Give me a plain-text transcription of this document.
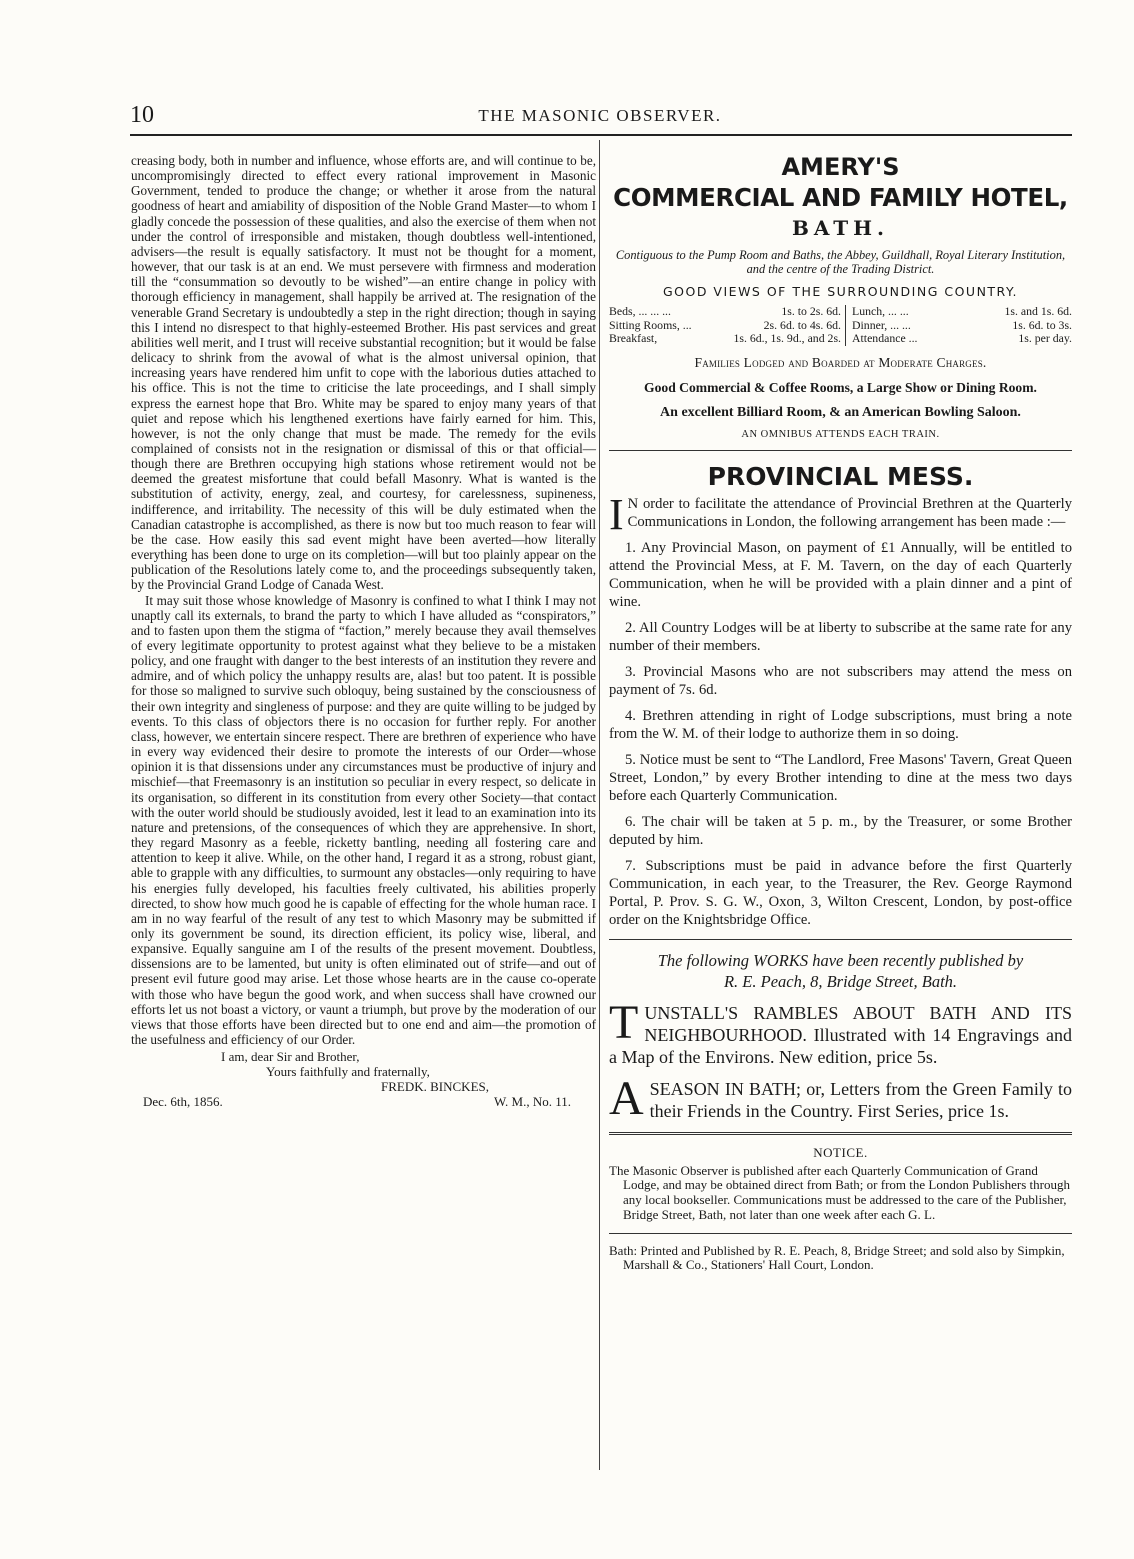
10	THE MASONIC OBSERVER.

creasing body, both in number and influence, whose efforts are, and will continue to be, uncompromisingly directed to effect every rational improvement in Masonic Government, tended to produce the change; or whether it arose from the natural goodness of heart and amiability of disposition of the Noble Grand Master—to whom I gladly concede the possession of these qualities, and also the exercise of them when not under the control of irresponsible and mistaken, though doubtless well-intentioned, advisers—the result is equally satisfactory. It must not be thought for a moment, however, that our task is at an end. We must persevere with firmness and moderation till the “consummation so devoutly to be wished”—an entire change in policy with thorough efficiency in management, shall happily be arrived at. The resignation of the venerable Grand Secretary is undoubtedly a step in the right direction; though in saying this I intend no disrespect to that highly-esteemed Brother. His past services and great abilities well merit, and I trust will receive substantial recognition; but it would be false delicacy to shrink from the avowal of what is the almost universal opinion, that increasing years have rendered him unfit to cope with the laborious duties attached to his office. This is not the time to criticise the late proceedings, and I shall simply express the earnest hope that Bro. White may be spared to enjoy many years of that quiet and repose which his lengthened exertions have fairly earned for him. This, however, is not the only change that must be made. The remedy for the evils complained of consists not in the resignation or dismissal of this or that official—though there are Brethren occupying high stations whose retirement would not be deemed the greatest misfortune that could befall Masonry. What is wanted is the substitution of activity, energy, zeal, and courtesy, for carelessness, supineness, indifference, and irritability. The necessity of this will be duly estimated when the Canadian catastrophe is accomplished, as there is now but too much reason to fear will be the case. How easily this sad event might have been averted—how literally everything has been done to urge on its completion—will but too plainly appear on the publication of the Resolutions lately come to, and the proceedings subsequently taken, by the Provincial Grand Lodge of Canada West.

It may suit those whose knowledge of Masonry is confined to what I think I may not unaptly call its externals, to brand the party to which I have alluded as “conspirators,” and to fasten upon them the stigma of “faction,” merely because they avail themselves of every legitimate opportunity to protest against what they believe to be a mistaken policy, and one fraught with danger to the best interests of an institution they revere and admire, and of which policy the unhappy results are, alas! but too patent. It is possible for those so maligned to survive such obloquy, being sustained by the consciousness of their own integrity and singleness of purpose: and they are quite willing to be judged by events. To this class of objectors there is no occasion for further reply. For another class, however, we entertain sincere respect. There are brethren of experience who have in every way evidenced their desire to promote the interests of our Order—whose opinion it is that dissensions under any circumstances must be productive of injury and mischief—that Freemasonry is an institution so peculiar in every respect, so delicate in its organisation, so different in its constitution from every other Society—that contact with the outer world should be studiously avoided, lest it lead to an examination into its nature and pretensions, of the consequences of which they are apprehensive. In short, they regard Masonry as a feeble, ricketty bantling, needing all fostering care and attention to keep it alive. While, on the other hand, I regard it as a strong, robust giant, able to grapple with any difficulties, to surmount any obstacles—only requiring to have his energies fully developed, his faculties freely cultivated, his abilities properly directed, to show how much good he is capable of effecting for the whole human race. I am in no way fearful of the result of any test to which Masonry may be submitted if only its government be sound, its direction efficient, its policy wise, liberal, and expansive. Equally sanguine am I of the results of the present movement. Doubtless, dissensions are to be lamented, but unity is often eliminated out of strife—and out of present evil future good may arise. Let those whose hearts are in the cause co-operate with those who have begun the good work, and when success shall have crowned our efforts let us not boast a victory, or vaunt a triumph, but prove by the moderation of our views that those efforts have been directed but to one end and aim—the promotion of the usefulness and efficiency of our Order.

I am, dear Sir and Brother,
Yours faithfully and fraternally,
FREDK. BINCKES,
Dec. 6th, 1856.	W. M., No. 11.
AMERY'S
COMMERCIAL AND FAMILY HOTEL,
BATH.
Contiguous to the Pump Room and Baths, the Abbey, Guildhall, Royal Literary Institution, and the centre of the Trading District.
GOOD VIEWS OF THE SURROUNDING COUNTRY.
Beds, ... ... ...	1s. to 2s. 6d.
Sitting Rooms, ...	2s. 6d. to 4s. 6d.
Breakfast,	1s. 6d., 1s. 9d., and 2s.
Lunch, ... ...	1s. and 1s. 6d.
Dinner, ... ...	1s. 6d. to 3s.
Attendance ...	1s. per day.
Families Lodged and Boarded at Moderate Charges.
Good Commercial & Coffee Rooms, a Large Show or Dining Room.
An excellent Billiard Room, & an American Bowling Saloon.
AN OMNIBUS ATTENDS EACH TRAIN.
PROVINCIAL MESS.

I N order to facilitate the attendance of Provincial Brethren at the Quarterly Communications in London, the following arrangement has been made :—

1. Any Provincial Mason, on payment of £1 Annually, will be entitled to attend the Provincial Mess, at F. M. Tavern, on the day of each Quarterly Communication, when he will be provided with a plain dinner and a pint of wine.

2. All Country Lodges will be at liberty to subscribe at the same rate for any number of their members.

3. Provincial Masons who are not subscribers may attend the mess on payment of 7s. 6d.

4. Brethren attending in right of Lodge subscriptions, must bring a note from the W. M. of their lodge to authorize them in so doing.

5. Notice must be sent to “The Landlord, Free Masons' Tavern, Great Queen Street, London,” by every Brother intending to dine at the mess two days before each Quarterly Communication.

6. The chair will be taken at 5 p. m., by the Treasurer, or some Brother deputed by him.

7. Subscriptions must be paid in advance before the first Quarterly Communication, in each year, to the Treasurer, the Rev. George Raymond Portal, P. Prov. S. G. W., Oxon, 3, Wilton Crescent, London, by post-office order on the Knightsbridge Office.

The following WORKS have been recently published by
R. E. Peach, 8, Bridge Street, Bath.
TUNSTALL'S RAMBLES ABOUT BATH AND ITS NEIGHBOURHOOD. Illustrated with 14 Engravings and a Map of the Environs. New edition, price 5s.
ASEASON IN BATH; or, Letters from the Green Family to their Friends in the Country. First Series, price 1s.
NOTICE.
The Masonic Observer is published after each Quarterly Communication of Grand Lodge, and may be obtained direct from Bath; or from the London Publishers through any local bookseller. Communications must be addressed to the care of the Publisher, Bridge Street, Bath, not later than one week after each G. L.
Bath: Printed and Published by R. E. Peach, 8, Bridge Street; and sold also by Simpkin, Marshall & Co., Stationers' Hall Court, London.
